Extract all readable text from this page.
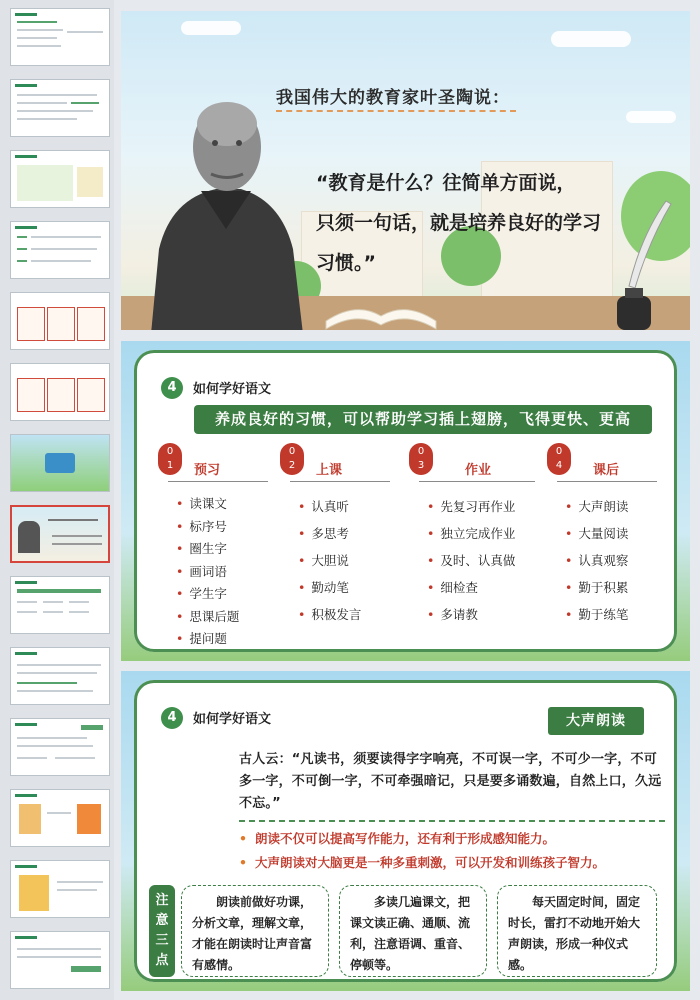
我国伟大的教育家叶圣陶说：
“教育是什么？往简单方面说，
只须一句话，就是培养良好的学习
习惯。”
4	如何学好语文
养成良好的习惯，可以帮助学习插上翅膀，飞得更快、更高
0
1	预习
• 读课文
• 标序号
• 圈生字
• 画词语
• 学生字
• 思课后题
• 提问题
0
2	上课
• 认真听
• 多思考
• 大胆说
• 勤动笔
• 积极发言
0
3	作业
• 先复习再作业
• 独立完成作业
• 及时、认真做
• 细检查
• 多请教
0
4	课后
• 大声朗读
• 大量阅读
• 认真观察
• 勤于积累
• 勤于练笔
4	如何学好语文	大声朗读
古人云：“凡读书，须要读得字字响亮，不可误一字，不可少一字，不可多一字，不可倒一字，不可牵强暗记，只是要多诵数遍，自然上口，久远不忘。”
• 朗读不仅可以提高写作能力，还有利于形成感知能力。
• 大声朗读对大脑更是一种多重刺激，可以开发和训练孩子智力。
注
意
三
点

朗读前做好功课，分析文章，理解文章，才能在朗读时让声音富有感情。

多读几遍课文，把课文读正确、通顺、流利，注意语调、重音、停顿等。

每天固定时间，固定时长，雷打不动地开始大声朗读，形成一种仪式感。
